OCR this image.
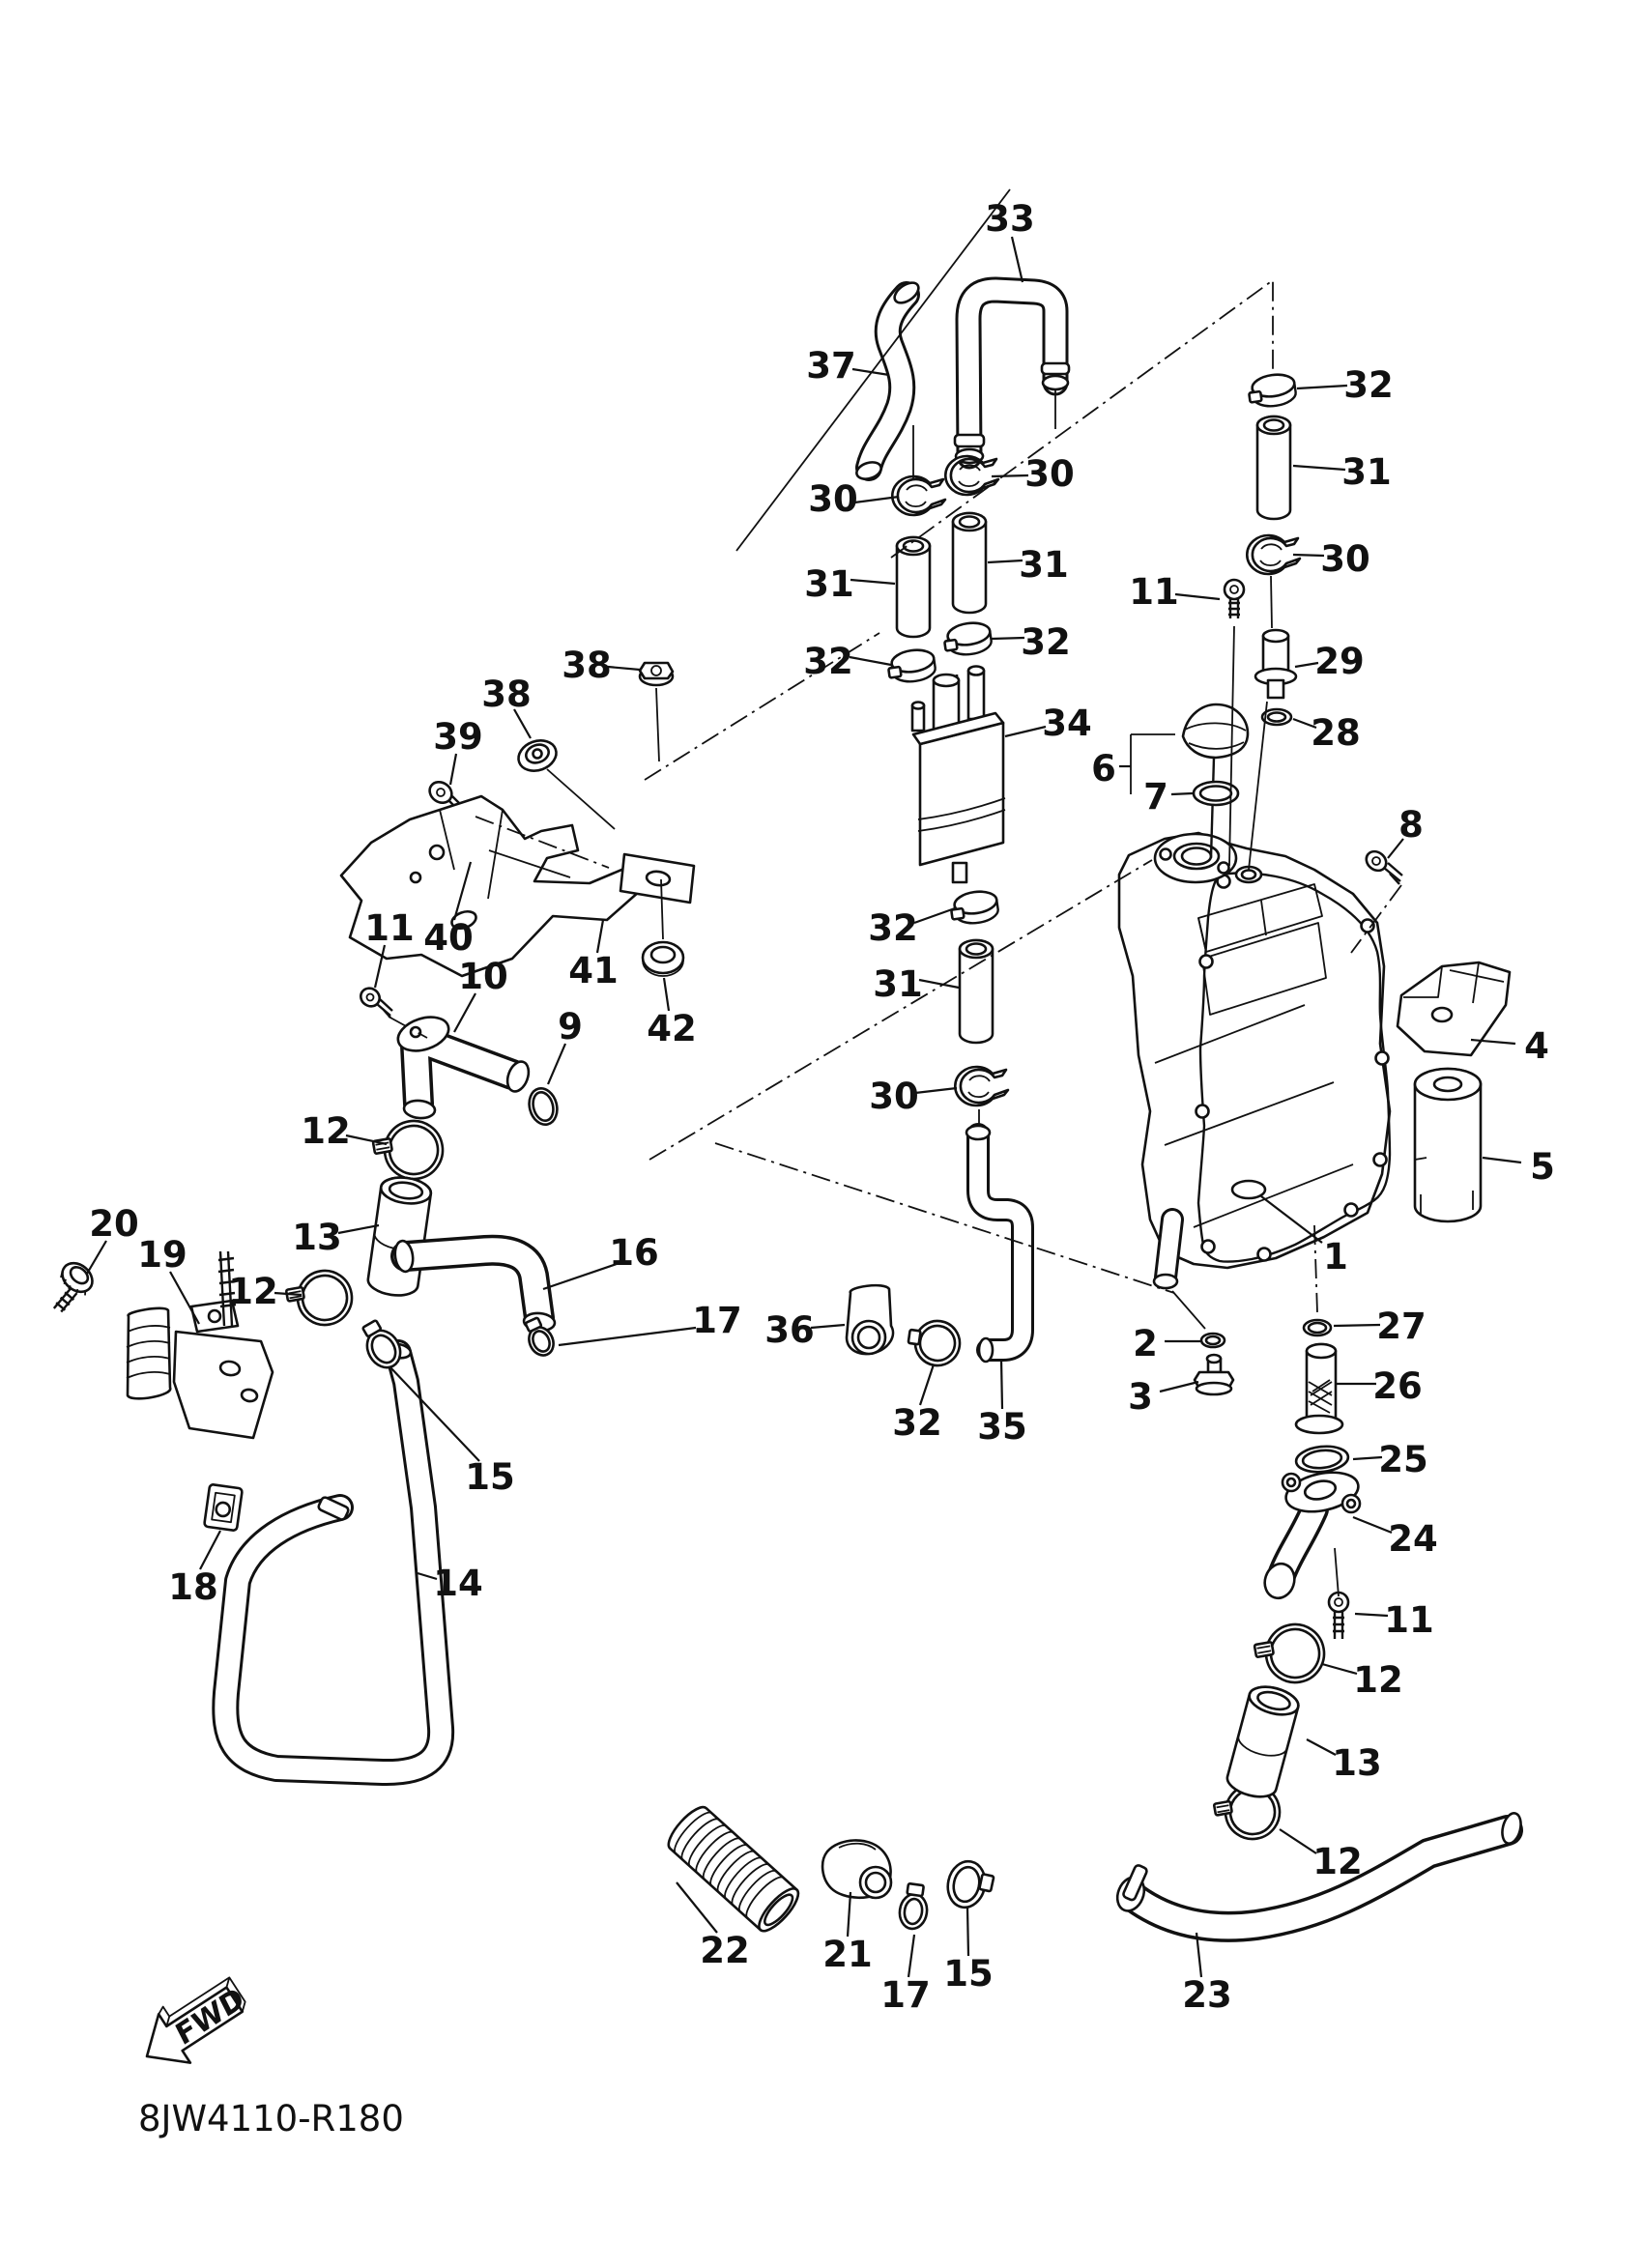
FWD
8JW4110-R180
1
2
3
4
5
6
7
8
9
10
11
11
11
12
12
12
12
13
13
14
15
15
16
17
17
18
19
20
21
22
23
24
25
26
27
28
29
30
30
30
30
31	31
31
31
32	32
32
32
32
33
34
35
36
37
38
38
39
40
41
42
